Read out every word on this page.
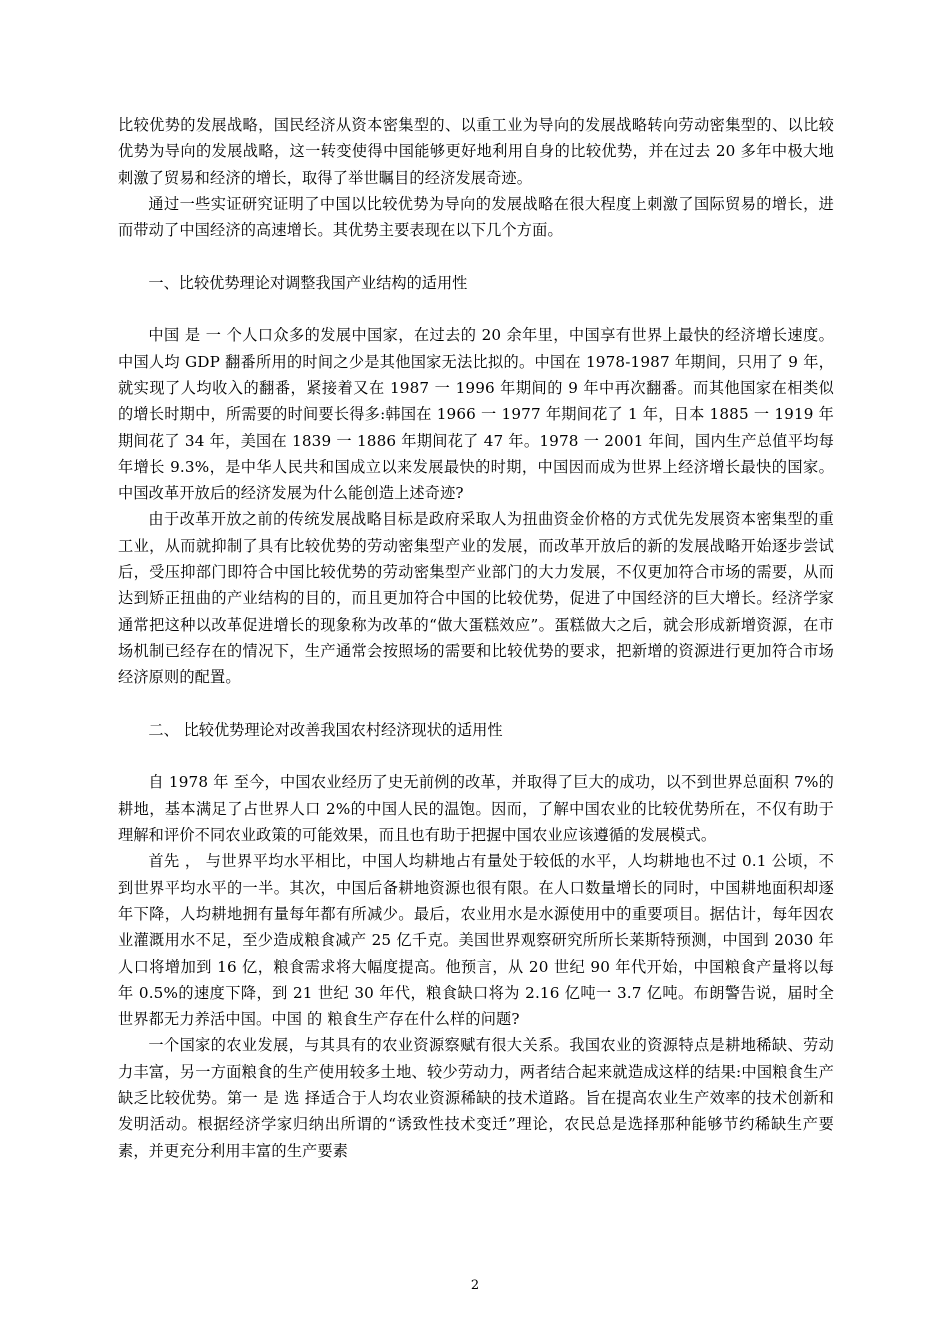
比较优势的发展战略，国民经济从资本密集型的、以重工业为导向的发展战略转向劳动密集型的、以比较优势为导向的发展战略，这一转变使得中国能够更好地利用自身的比较优势，并在过去 20 多年中极大地刺激了贸易和经济的增长，取得了举世瞩目的经济发展奇迹。

通过一些实证研究证明了中国以比较优势为导向的发展战略在很大程度上刺激了国际贸易的增长，进而带动了中国经济的高速增长。其优势主要表现在以下几个方面。

一、比较优势理论对调整我国产业结构的适用性

中国 是 一 个人口众多的发展中国家，在过去的 20 余年里，中国享有世界上最快的经济增长速度。中国人均 GDP 翻番所用的时间之少是其他国家无法比拟的。中国在 1978-1987 年期间，只用了 9 年，就实现了人均收入的翻番，紧接着又在 1987 一 1996 年期间的 9 年中再次翻番。而其他国家在相类似的增长时期中，所需要的时间要长得多:韩国在 1966 一 1977 年期间花了 1 年，日本 1885 一 1919 年期间花了 34 年，美国在 1839 一 1886 年期间花了 47 年。1978 一 2001 年间，国内生产总值平均每年增长 9.3%，是中华人民共和国成立以来发展最快的时期，中国因而成为世界上经济增长最快的国家。中国改革开放后的经济发展为什么能创造上述奇迹?

由于改革开放之前的传统发展战略目标是政府采取人为扭曲资金价格的方式优先发展资本密集型的重工业，从而就抑制了具有比较优势的劳动密集型产业的发展，而改革开放后的新的发展战略开始逐步尝试后，受压抑部门即符合中国比较优势的劳动密集型产业部门的大力发展，不仅更加符合市场的需要，从而达到矫正扭曲的产业结构的目的，而且更加符合中国的比较优势，促进了中国经济的巨大增长。经济学家通常把这种以改革促进增长的现象称为改革的“做大蛋糕效应”。蛋糕做大之后，就会形成新增资源，在市场机制已经存在的情况下，生产通常会按照场的需要和比较优势的要求，把新增的资源进行更加符合市场经济原则的配置。

二、 比较优势理论对改善我国农村经济现状的适用性

自 1978 年 至今，中国农业经历了史无前例的改革，并取得了巨大的成功，以不到世界总面积 7%的耕地，基本满足了占世界人口 2%的中国人民的温饱。因而，了解中国农业的比较优势所在，不仅有助于理解和评价不同农业政策的可能效果，而且也有助于把握中国农业应该遵循的发展模式。

首先 ， 与世界平均水平相比，中国人均耕地占有量处于较低的水平，人均耕地也不过 0.1 公顷，不到世界平均水平的一半。其次，中国后备耕地资源也很有限。在人口数量增长的同时，中国耕地面积却逐年下降，人均耕地拥有量每年都有所减少。最后，农业用水是水源使用中的重要项目。据估计，每年因农业灌溉用水不足，至少造成粮食减产 25 亿千克。美国世界观察研究所所长莱斯特预测，中国到 2030 年人口将增加到 16 亿，粮食需求将大幅度提高。他预言，从 20 世纪 90 年代开始，中国粮食产量将以每年 0.5%的速度下降，到 21 世纪 30 年代，粮食缺口将为 2.16 亿吨一 3.7 亿吨。布朗警告说，届时全世界都无力养活中国。中国 的 粮食生产存在什么样的问题?

一个国家的农业发展，与其具有的农业资源察赋有很大关系。我国农业的资源特点是耕地稀缺、劳动力丰富，另一方面粮食的生产使用较多土地、较少劳动力，两者结合起来就造成这样的结果:中国粮食生产缺乏比较优势。第一 是 选 择适合于人均农业资源稀缺的技术道路。旨在提高农业生产效率的技术创新和发明活动。根据经济学家归纳出所谓的“诱致性技术变迁”理论，农民总是选择那种能够节约稀缺生产要素，并更充分利用丰富的生产要素

2
